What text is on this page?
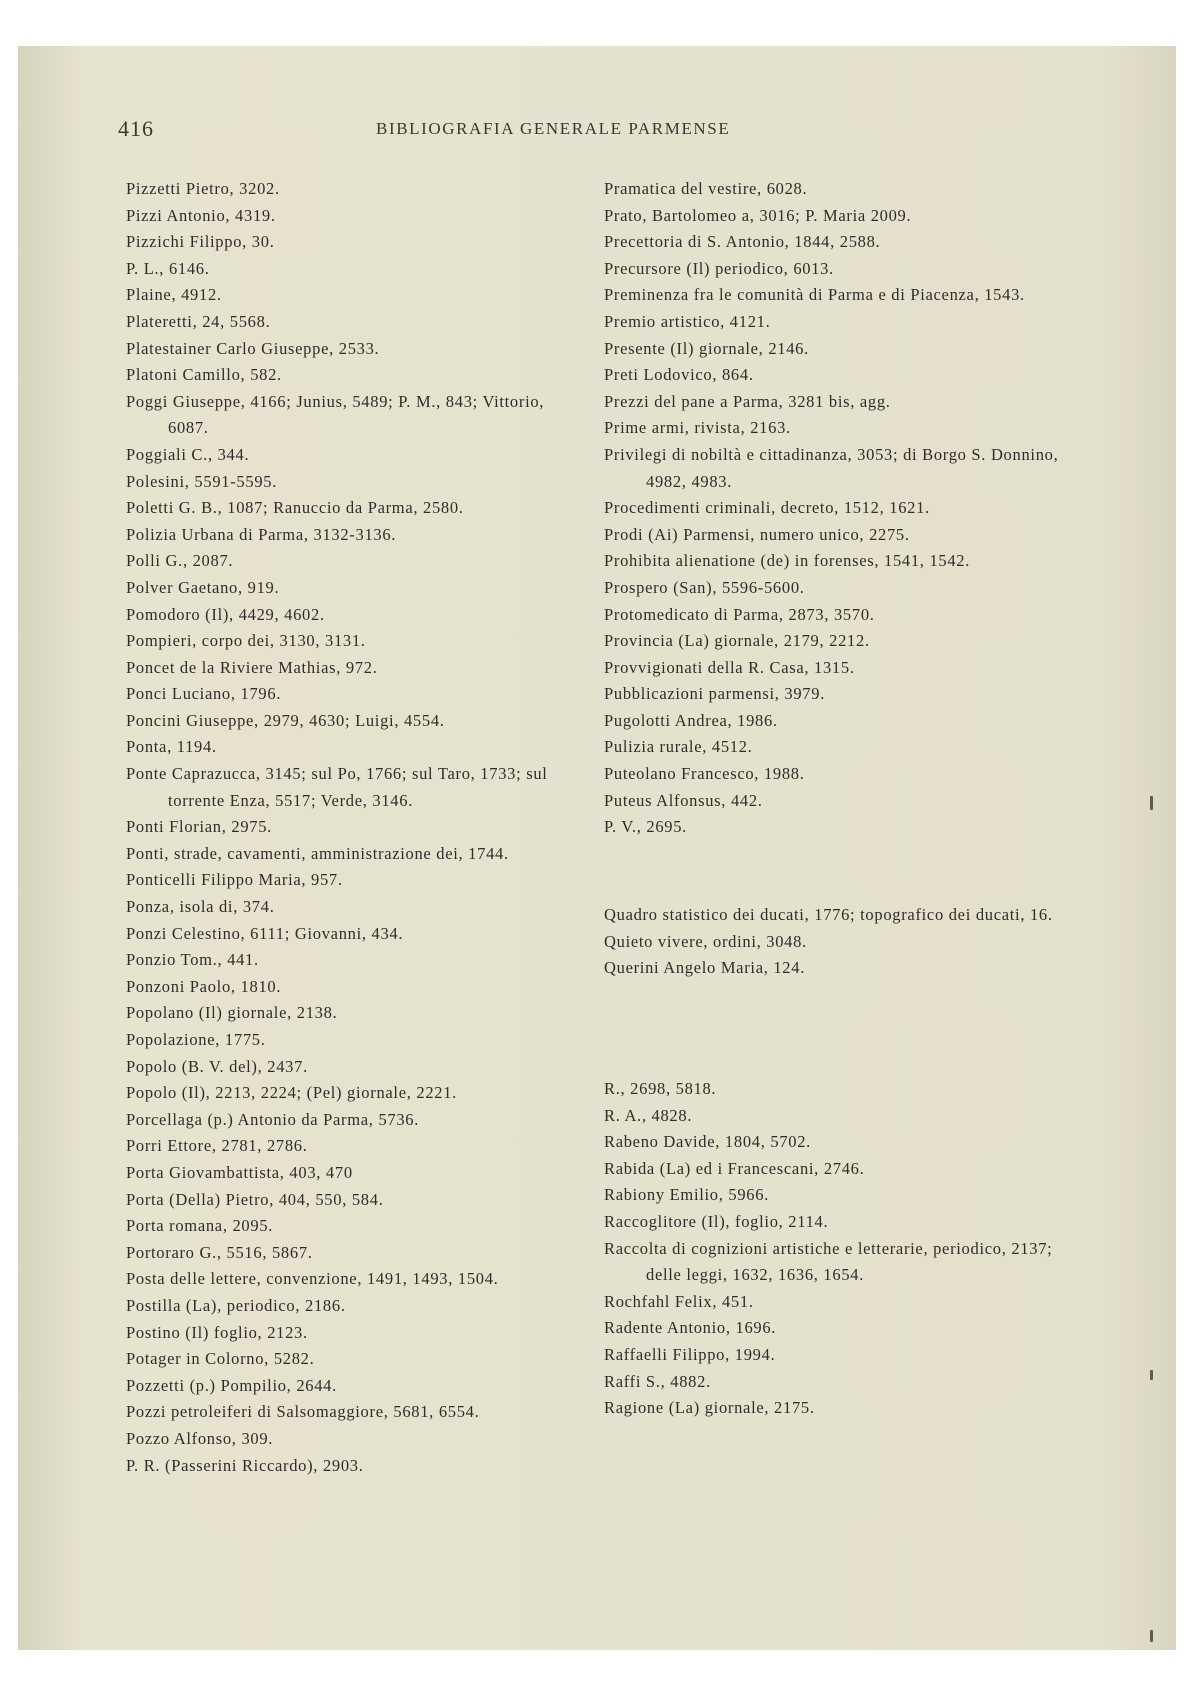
416	BIBLIOGRAFIA GENERALE PARMENSE

Pizzetti Pietro, 3202.

Pizzi Antonio, 4319.

Pizzichi Filippo, 30.

P. L., 6146.

Plaine, 4912.

Plateretti, 24, 5568.

Platestainer Carlo Giuseppe, 2533.

Platoni Camillo, 582.

Poggi Giuseppe, 4166; Junius, 5489; P. M., 843; Vittorio, 6087.

Poggiali C., 344.

Polesini, 5591-5595.

Poletti G. B., 1087; Ranuccio da Parma, 2580.

Polizia Urbana di Parma, 3132-3136.

Polli G., 2087.

Polver Gaetano, 919.

Pomodoro (Il), 4429, 4602.

Pompieri, corpo dei, 3130, 3131.

Poncet de la Riviere Mathias, 972.

Ponci Luciano, 1796.

Poncini Giuseppe, 2979, 4630; Luigi, 4554.

Ponta, 1194.

Ponte Caprazucca, 3145; sul Po, 1766; sul Taro, 1733; sul torrente Enza, 5517; Verde, 3146.

Ponti Florian, 2975.

Ponti, strade, cavamenti, amministrazione dei, 1744.

Ponticelli Filippo Maria, 957.

Ponza, isola di, 374.

Ponzi Celestino, 6111; Giovanni, 434.

Ponzio Tom., 441.

Ponzoni Paolo, 1810.

Popolano (Il) giornale, 2138.

Popolazione, 1775.

Popolo (B. V. del), 2437.

Popolo (Il), 2213, 2224; (Pel) giornale, 2221.

Porcellaga (p.) Antonio da Parma, 5736.

Porri Ettore, 2781, 2786.

Porta Giovambattista, 403, 470

Porta (Della) Pietro, 404, 550, 584.

Porta romana, 2095.

Portoraro G., 5516, 5867.

Posta delle lettere, convenzione, 1491, 1493, 1504.

Postilla (La), periodico, 2186.

Postino (Il) foglio, 2123.

Potager in Colorno, 5282.

Pozzetti (p.) Pompilio, 2644.

Pozzi petroleiferi di Salsomaggiore, 5681, 6554.

Pozzo Alfonso, 309.

P. R. (Passerini Riccardo), 2903.

Pramatica del vestire, 6028.

Prato, Bartolomeo a, 3016; P. Maria 2009.

Precettoria di S. Antonio, 1844, 2588.

Precursore (Il) periodico, 6013.

Preminenza fra le comunità di Parma e di Piacenza, 1543.

Premio artistico, 4121.

Presente (Il) giornale, 2146.

Preti Lodovico, 864.

Prezzi del pane a Parma, 3281 bis, agg.

Prime armi, rivista, 2163.

Privilegi di nobiltà e cittadinanza, 3053; di Borgo S. Donnino, 4982, 4983.

Procedimenti criminali, decreto, 1512, 1621.

Prodi (Ai) Parmensi, numero unico, 2275.

Prohibita alienatione (de) in forenses, 1541, 1542.

Prospero (San), 5596-5600.

Protomedicato di Parma, 2873, 3570.

Provincia (La) giornale, 2179, 2212.

Provvigionati della R. Casa, 1315.

Pubblicazioni parmensi, 3979.

Pugolotti Andrea, 1986.

Pulizia rurale, 4512.

Puteolano Francesco, 1988.

Puteus Alfonsus, 442.

P. V., 2695.

Quadro statistico dei ducati, 1776; topografico dei ducati, 16.

Quieto vivere, ordini, 3048.

Querini Angelo Maria, 124.

R., 2698, 5818.

R. A., 4828.

Rabeno Davide, 1804, 5702.

Rabida (La) ed i Francescani, 2746.

Rabiony Emilio, 5966.

Raccoglitore (Il), foglio, 2114.

Raccolta di cognizioni artistiche e letterarie, periodico, 2137; delle leggi, 1632, 1636, 1654.

Rochfahl Felix, 451.

Radente Antonio, 1696.

Raffaelli Filippo, 1994.

Raffi S., 4882.

Ragione (La) giornale, 2175.
